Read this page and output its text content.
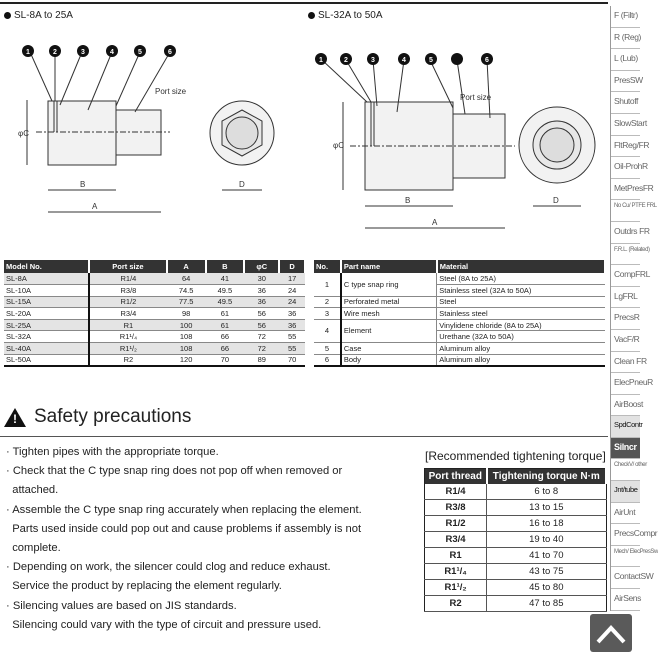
SL-8A to 25A	SL-32A to 50A
1	2	3	4	5	6
Port size
φC
B
A
D
1	2	3	4	5	6
Port size
φC
B
A
D
Model No.	Port size	A	B	φC	D
SL-8A	R1/4	64	41	30	17
SL-10A	R3/8	74.5	49.5	36	24
SL-15A	R1/2	77.5	49.5	36	24
SL-20A	R3/4	98	61	56	36
SL-25A	R1	100	61	56	36
SL-32A	R1¹/₄	108	66	72	55
SL-40A	R1¹/₂	108	66	72	55
SL-50A	R2	120	70	89	70
No.	Part name	Material
1	C type snap ring	Steel (8A to 25A)
		Stainless steel (32A to 50A)
2	Perforated metal	Steel
3	Wire mesh	Stainless steel
4	Element	Vinylidene chloride (8A to 25A)
		Urethane (32A to 50A)
5	Case	Aluminum alloy
6	Body	Aluminum alloy
! Safety precautions
· Tighten pipes with the appropriate torque.
· Check that the C type snap ring does not pop off when removed or
attached.
· Assemble the C type snap ring accurately when replacing the element.
Parts used inside could pop out and cause problems if assembly is not
complete.
· Depending on work, the silencer could clog and reduce exhaust.
Service the product by replacing the element regularly.
· Silencing values are based on JIS standards.
Silencing could vary with the type of circuit and pressure used.
[Recommended tightening torque]
Port thread	Tightening torque N·m
R1/4	6 to 8
R3/8	13 to 15
R1/2	16 to 18
R3/4	19 to 40
R1	41 to 70
R1¹/₄	43 to 75
R1¹/₂	45 to 80
R2	47 to 85
F (Filtr)
R (Reg)
L (Lub)
PresSW
Shutoff
SlowStart
FltReg/FR
Oil-ProhR
MetPresFR
No Cu/ PTFE FRL
Outdrs FR
F.R.L. (Related)
CompFRL
LgFRL
PrecsR
VacF/R
Clean FR
ElecPneuR
AirBoost
SpdContr
Silncr
CheckV/ other
Jnt/tube
AirUnt
PrecsCompr
Mech/ ElecPresSw
ContactSW
AirSens
